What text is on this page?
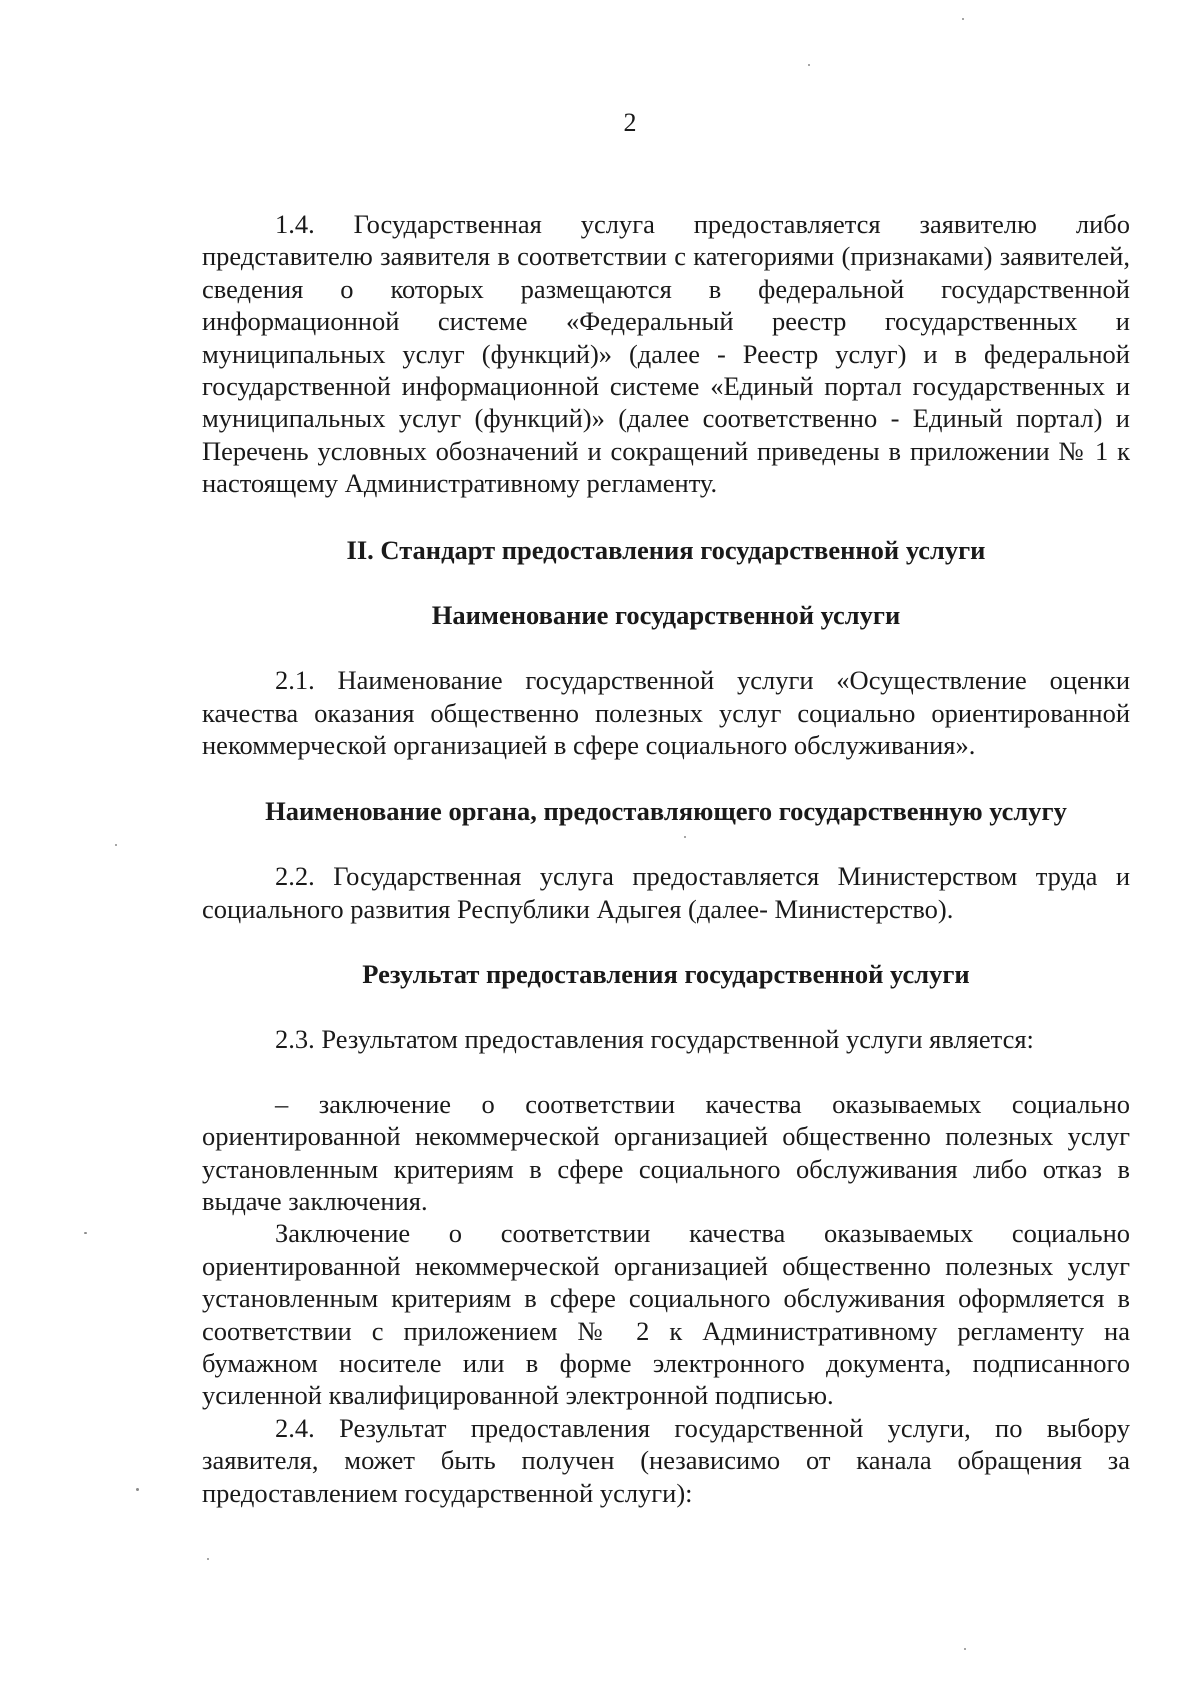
2

1.4. Государственная услуга предоставляется заявителю либо представителю заявителя в соответствии с категориями (признаками) заявителей, сведения о которых размещаются в федеральной государственной информационной системе «Федеральный реестр государственных и муниципальных услуг (функций)» (далее - Реестр услуг) и в федеральной государственной информационной системе «Единый портал государственных и муниципальных услуг (функций)» (далее соответственно - Единый портал) и          Перечень условных обозначений и сокращений приведены в приложении № 1 к настоящему Административному регламенту.

II. Стандарт предоставления государственной услуги
Наименование государственной услуги

2.1. Наименование государственной услуги «Осуществление оценки качества оказания общественно полезных услуг социально ориентированной некоммерческой организацией в сфере социального обслуживания».

Наименование органа, предоставляющего государственную услугу

2.2. Государственная услуга предоставляется Министерством труда и социального развития Республики Адыгея (далее- Министерство).

Результат предоставления государственной услуги

2.3. Результатом предоставления государственной услуги является:

– заключение о соответствии качества оказываемых социально ориентированной некоммерческой организацией общественно полезных услуг установленным критериям в сфере социального обслуживания либо отказ в выдаче заключения.

Заключение о соответствии качества оказываемых социально ориентированной некоммерческой организацией общественно полезных услуг установленным критериям в сфере социального обслуживания оформляется в соответствии с приложением № 2 к Административному регламенту на бумажном носителе или в форме электронного документа, подписанного усиленной квалифицированной электронной подписью.

2.4. Результат предоставления государственной услуги, по выбору заявителя, может быть получен (независимо от канала обращения за предоставлением государственной услуги):
